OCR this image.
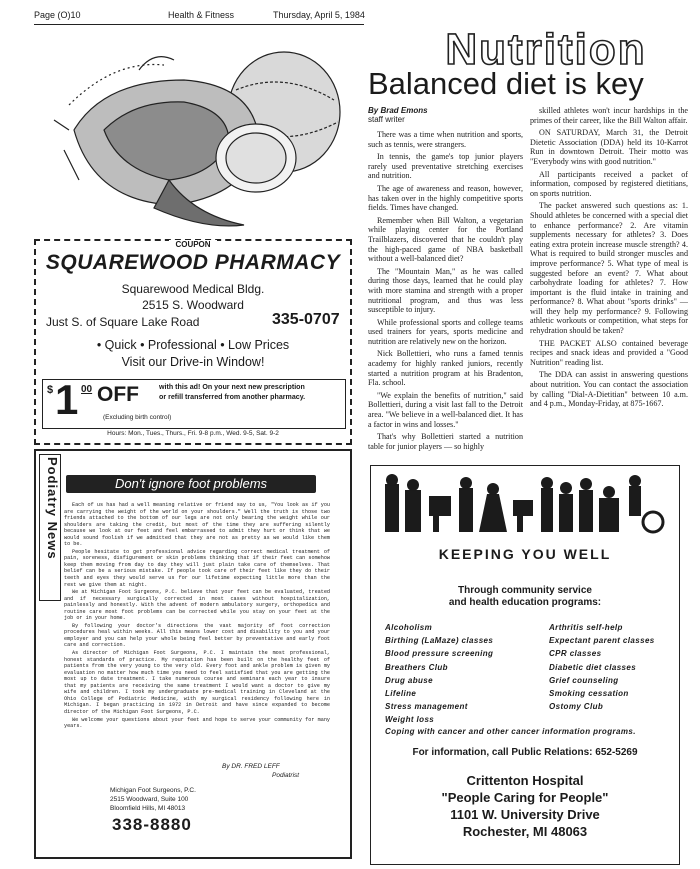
Page (O)10	Health & Fitness	Thursday, April 5, 1984
Nutrition
Balanced diet is key
By Brad Emons
staff writer

There was a time when nutrition and sports, such as tennis, were strangers.

In tennis, the game's top junior players rarely used preventative stretching exercises and nutrition.

The age of awareness and reason, however, has taken over in the highly competitive sports fields. Times have changed.

Remember when Bill Walton, a vegetarian while playing center for the Portland Trailblazers, discovered that he couldn't play the high-paced game of NBA basketball without a well-balanced diet?

The "Mountain Man," as he was called during those days, learned that he could play with more stamina and strength with a proper nutritional program, and thus was less susceptible to injury.

While professional sports and college teams used trainers for years, sports medicine and nutrition are relatively new on the horizon.

Nick Bollettieri, who runs a famed tennis academy for highly ranked juniors, recently started a nutrition program at his Bradenton, Fla. school.

"We explain the benefits of nutrition," said Bollettieri, during a visit last fall to the Detroit area. "We believe in a well-balanced diet. It has a factor in wins and losses."

That's why Bollettieri started a nutrition table for junior players — so highly

skilled athletes won't incur hardships in the primes of their career, like the Bill Walton affair.

ON SATURDAY, March 31, the Detroit Dietetic Association (DDA) held its 10-Karrot Run in downtown Detroit. Their motto was "Everybody wins with good nutrition."

All participants received a packet of information, composed by registered dietitians, on sports nutrition.

The packet answered such questions as: 1. Should athletes be concerned with a special diet to enhance performance? 2. Are vitamin supplements necessary for athletes? 3. Does eating extra protein increase muscle strength? 4. What is required to build stronger muscles and improve performance? 5. What type of meal is suggested before an event? 7. What about carbohydrate loading for athletes? 7. How important is the fluid intake in training and performance? 8. What about "sports drinks" — will they help my performance? 9. Following athletic workouts or competition, what steps for rehydration should be taken?

THE PACKET ALSO contained beverage recipes and snack ideas and provided a "Good Nutrition" reading list.

The DDA can assist in answering questions about nutrition. You can contact the association by calling "Dial-A-Dietitian" between 10 a.m. and 4 p.m., Monday-Friday, at 875-1667.

COUPON
SQUAREWOOD PHARMACY
Squarewood Medical Bldg.
2515 S. Woodward
Just S. of Square Lake Road	335-0707
• Quick • Professional • Low Prices
Visit our Drive-in Window!
$ 1 00 OFF	with this ad! On your next new prescription
or refill transferred from another pharmacy.
(Excluding birth control)
Hours: Mon., Tues., Thurs., Fri. 9-8 p.m., Wed. 9-5, Sat. 9-2
Podiatry News	Don't ignore foot problems
Each of us has had a well meaning relative or friend say to us, "You look as if you are carrying the weight of the world on your shoulders." Well the truth is those two friends attached to the bottom of our legs are not only bearing the weight while our shoulders are taking the credit, but most of the time they are suffering silently because we look at our feet and feel embarrassed to admit they hurt or think that we would sound foolish if we admitted that they are not as pretty as we would like them to be.
People hesitate to get professional advice regarding correct medical treatment of pain, soreness, disfigurement or skin problems thinking that if their feet can somehow keep them moving from day to day they will just plain take care of themselves. That belief can be a serious mistake. If people took care of their feet like they do their teeth and eyes they would serve us for our lifetime expecting little more than the rest we give them at night.
We at Michigan Foot Surgeons, P.C. believe that your feet can be evaluated, treated and if necessary surgically corrected in most cases without hospitalization, painlessly and honestly. With the advent of modern ambulatory surgery, orthopedics and routine care most foot problems can be corrected while you stay on your feet at the job or in your home.
By following your doctor's directions the vast majority of foot correction procedures heal within weeks. All this means lower cost and disability to you and your employer and you can help your whole being feel better by preventative and early foot care and correction.
As director of Michigan Foot Surgeons, P.C. I maintain the most professional, honest standards of practice. My reputation has been built on the healthy feet of patients from the very young to the very old. Every foot and ankle problem is given my evaluation no matter how much time you need to feel satisfied that you are getting the most up to date treatment. I take numerous course and seminars each year to insure that my patients are receiving the same treatment I would want a doctor to give my wife and children. I took my undergraduate pre-medical training in Cleveland at the Ohio College of Podiatric Medicine, with my surgical residency following here in Michigan. I began practicing in 1972 in Detroit and have since expanded to become director of the Michigan Foot Surgeons, P.C.
We welcome your questions about your feet and hope to serve your community for many years.
By DR. FRED LEFF
Podiatrist
Michigan Foot Surgeons, P.C.
2515 Woodward, Suite 100
Bloomfield Hills, MI 48013
338-8880
KEEPING YOU WELL
Through community service
and health education programs:
Alcoholism
Birthing (LaMaze) classes
Blood pressure screening
Breathers Club
Drug abuse
Lifeline
Stress management
Weight loss
Arthritis self-help
Expectant parent classes
CPR classes
Diabetic diet classes
Grief counseling
Smoking cessation
Ostomy Club
Coping with cancer and other cancer information programs.
For information, call Public Relations: 652-5269
Crittenton Hospital
"People Caring for People"
1101 W. University Drive
Rochester, MI 48063
